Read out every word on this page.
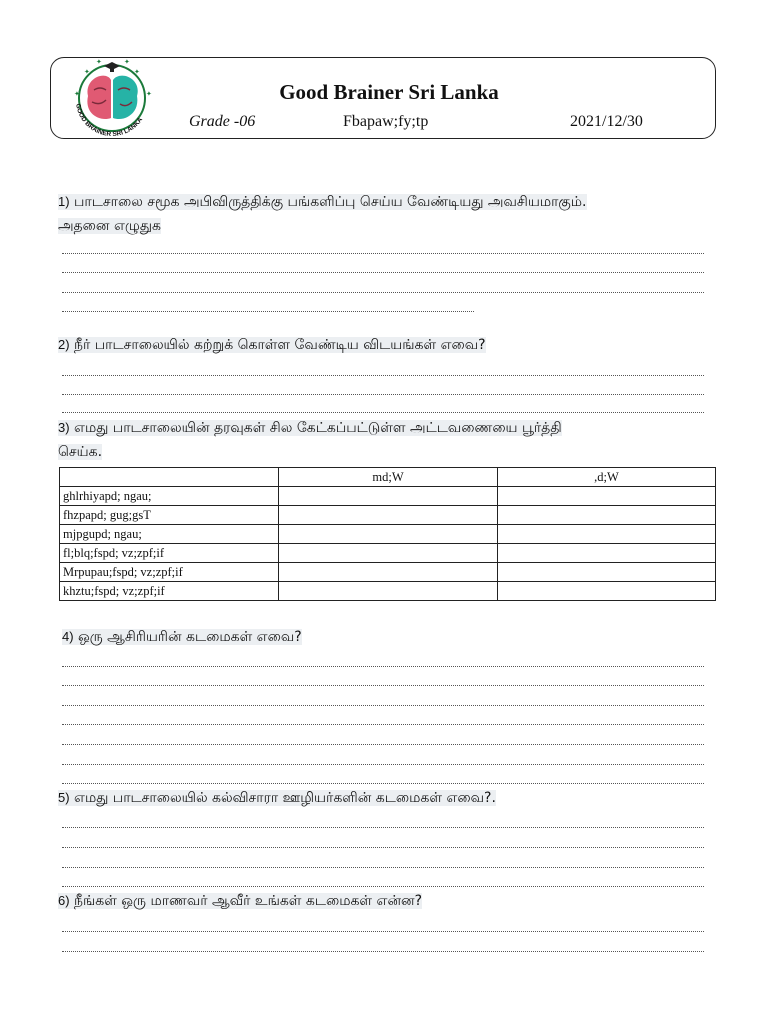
✦	✦ ✦	✦✦	✦
GOOD BRAINER SRI LANKA
Good Brainer Sri Lanka
Grade -06	Fbapaw;fy;tp	2021/12/30
1) பாடசாலை சமூக அபிவிருத்திக்கு பங்களிப்பு செய்ய வேண்டியது அவசியமாகும்.
அதனை எழுதுக
2) நீர் பாடசாலையில் கற்றுக் கொள்ள வேண்டிய விடயங்கள் எவை?
3) எமது பாடசாலையின் தரவுகள் சில கேட்கப்பட்டுள்ள அட்டவணையை பூர்த்தி
செய்க.
	md;W	,d;W
ghlrhiyapd; ngau;		
fhzpapd; gug;gsT		
mjpgupd; ngau;		
fl;blq;fspd; vz;zpf;if		
Mrpupau;fspd; vz;zpf;if		
khztu;fspd; vz;zpf;if		
4) ஒரு ஆசிரியரின் கடமைகள் எவை?
5) எமது பாடசாலையில் கல்விசாரா ஊழியர்களின் கடமைகள் எவை?.
6) நீங்கள் ஒரு மாணவர் ஆவீர் உங்கள் கடமைகள் என்ன?
